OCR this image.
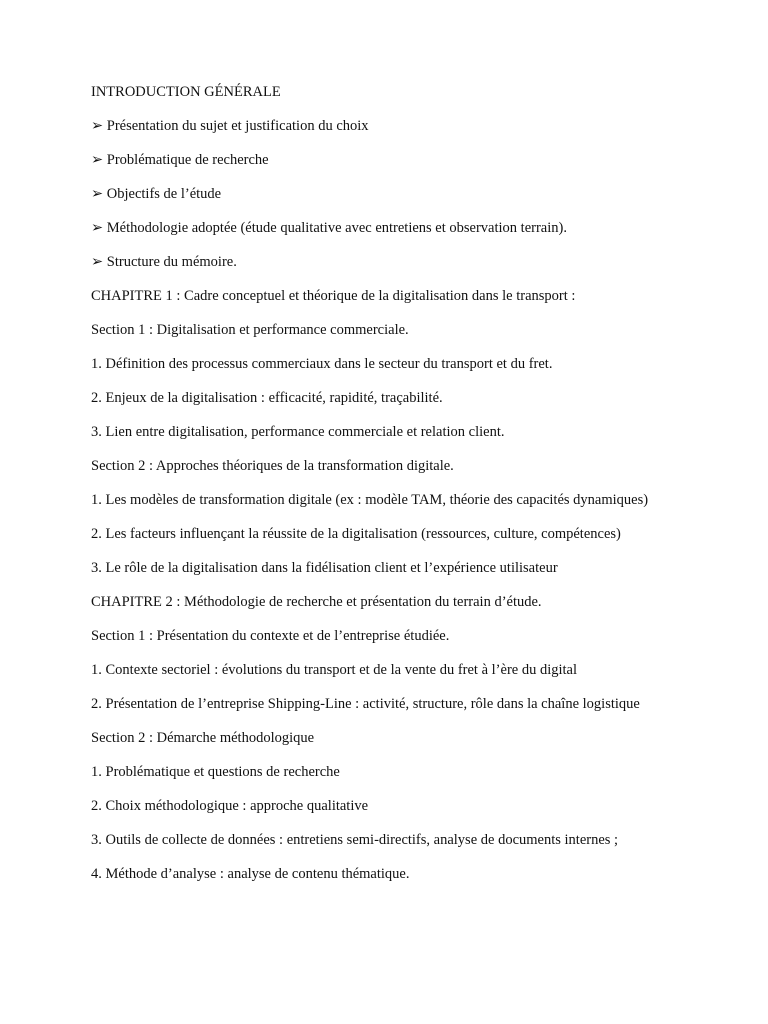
INTRODUCTION GÉNÉRALE

➢ Présentation du sujet et justification du choix

➢ Problématique de recherche

➢ Objectifs de l’étude

➢ Méthodologie adoptée (étude qualitative avec entretiens et observation terrain).

➢ Structure du mémoire.

CHAPITRE 1 : Cadre conceptuel et théorique de la digitalisation dans le transport :

Section 1 : Digitalisation et performance commerciale.

1. Définition des processus commerciaux dans le secteur du transport et du fret.

2. Enjeux de la digitalisation : efficacité, rapidité, traçabilité.

3. Lien entre digitalisation, performance commerciale et relation client.

Section 2 : Approches théoriques de la transformation digitale.

1. Les modèles de transformation digitale (ex : modèle TAM, théorie des capacités dynamiques)

2. Les facteurs influençant la réussite de la digitalisation (ressources, culture, compétences)

3. Le rôle de la digitalisation dans la fidélisation client et l’expérience utilisateur

CHAPITRE 2 : Méthodologie de recherche et présentation du terrain d’étude.

Section 1 : Présentation du contexte et de l’entreprise étudiée.

1. Contexte sectoriel : évolutions du transport et de la vente du fret à l’ère du digital

2. Présentation de l’entreprise Shipping-Line : activité, structure, rôle dans la chaîne logistique

Section 2 : Démarche méthodologique

1. Problématique et questions de recherche

2. Choix méthodologique : approche qualitative

3. Outils de collecte de données : entretiens semi-directifs, analyse de documents internes ;

4. Méthode d’analyse : analyse de contenu thématique.
